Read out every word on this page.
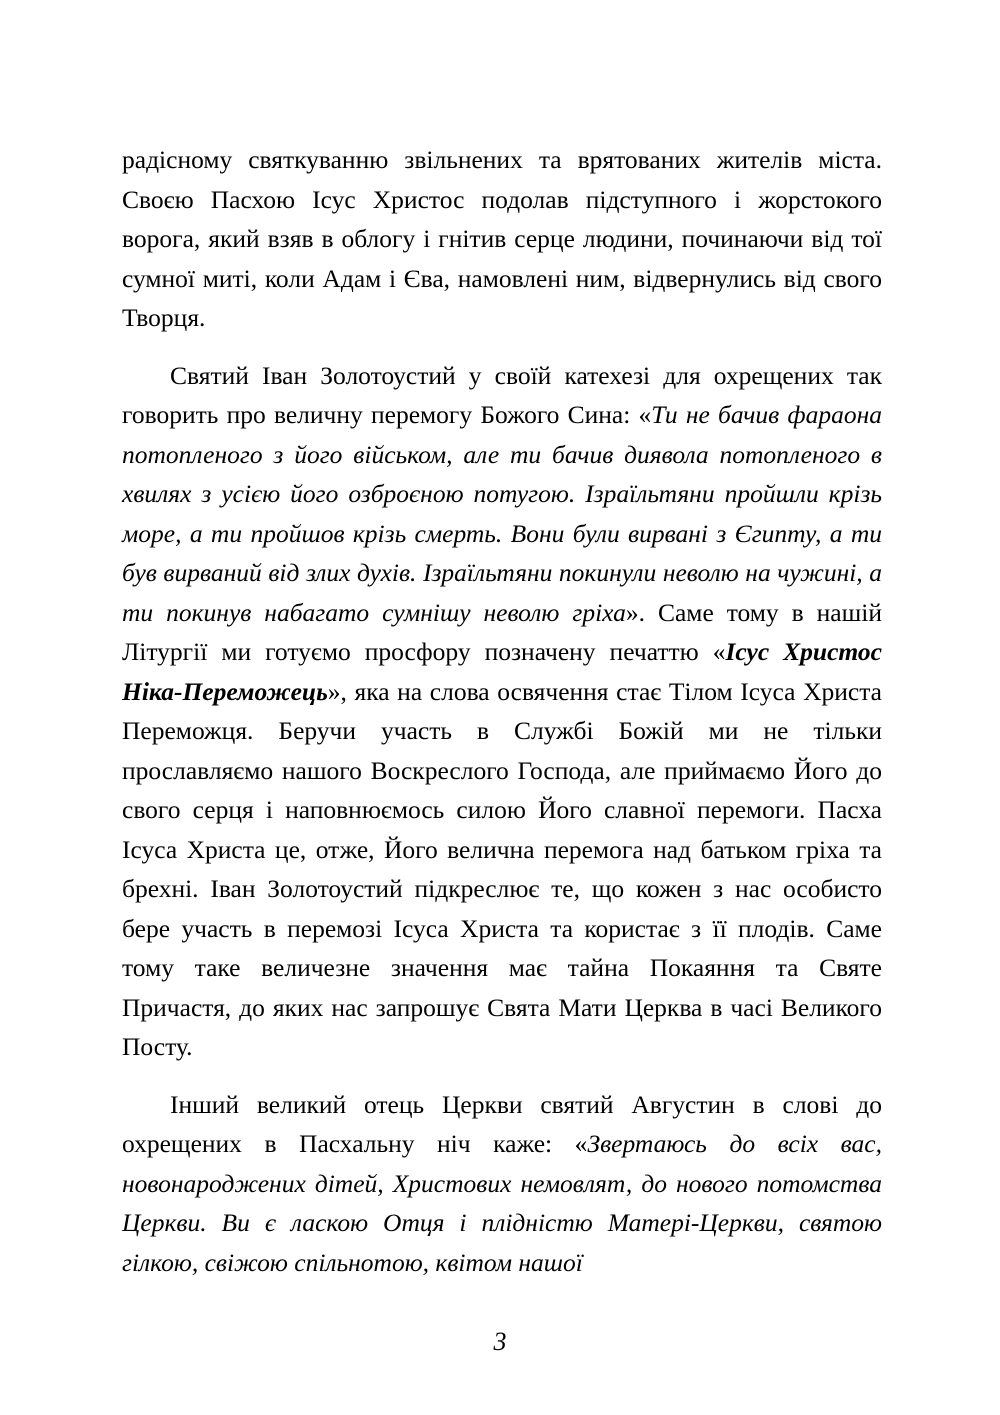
радісному святкуванню звільнених та врятованих жителів міста. Своєю Пасхою Ісус Христос подолав підступного і жорстокого ворога, який взяв в облогу і гнітив серце людини, починаючи від тої сумної миті, коли Адам і Єва, намовлені ним, відвернулись від свого Творця.

Святий Іван Золотоустий у своїй катехезі для охрещених так говорить про величну перемогу Божого Сина: «Ти не бачив фараона потопленого з його військом, але ти бачив диявола потопленого в хвилях з усією його озброєною потугою. Ізраїльтяни пройшли крізь море, а ти пройшов крізь смерть. Вони були вирвані з Єгипту, а ти був вирваний від злих духів. Ізраїльтяни покинули неволю на чужині, а ти покинув набагато сумнішу неволю гріха». Саме тому в нашій Літургії ми готуємо просфору позначену печаттю «Ісус Христос Ніка-Переможець», яка на слова освячення стає Тілом Ісуса Христа Переможця. Беручи участь в Службі Божій ми не тільки прославляємо нашого Воскреслого Господа, але приймаємо Його до свого серця і наповнюємось силою Його славної перемоги. Пасха Ісуса Христа це, отже, Його велична перемога над батьком гріха та брехні. Іван Золотоустий підкреслює те, що кожен з нас особисто бере участь в перемозі Ісуса Христа та користає з її плодів. Саме тому таке величезне значення має тайна Покаяння та Святе Причастя, до яких нас запрошує Свята Мати Церква в часі Великого Посту.

Інший великий отець Церкви святий Августин в слові до охрещених в Пасхальну ніч каже: «Звертаюсь до всіх вас, новонароджених дітей, Христових немовлят, до нового потомства Церкви. Ви є ласкою Отця і плідністю Матері-Церкви, святою гілкою, свіжою спільнотою, квітом нашої

3
